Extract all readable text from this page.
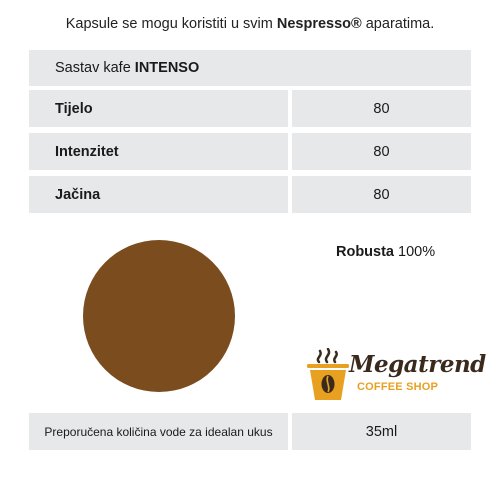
Kapsule se mogu koristiti u svim Nespresso® aparatima.
Sastav kafe INTENSO
Tijelo	80
Intenzitet	80
Jačina	80
Robusta 100%
Megatrend
COFFEE SHOP
Preporučena količina vode za idealan ukus	35ml
